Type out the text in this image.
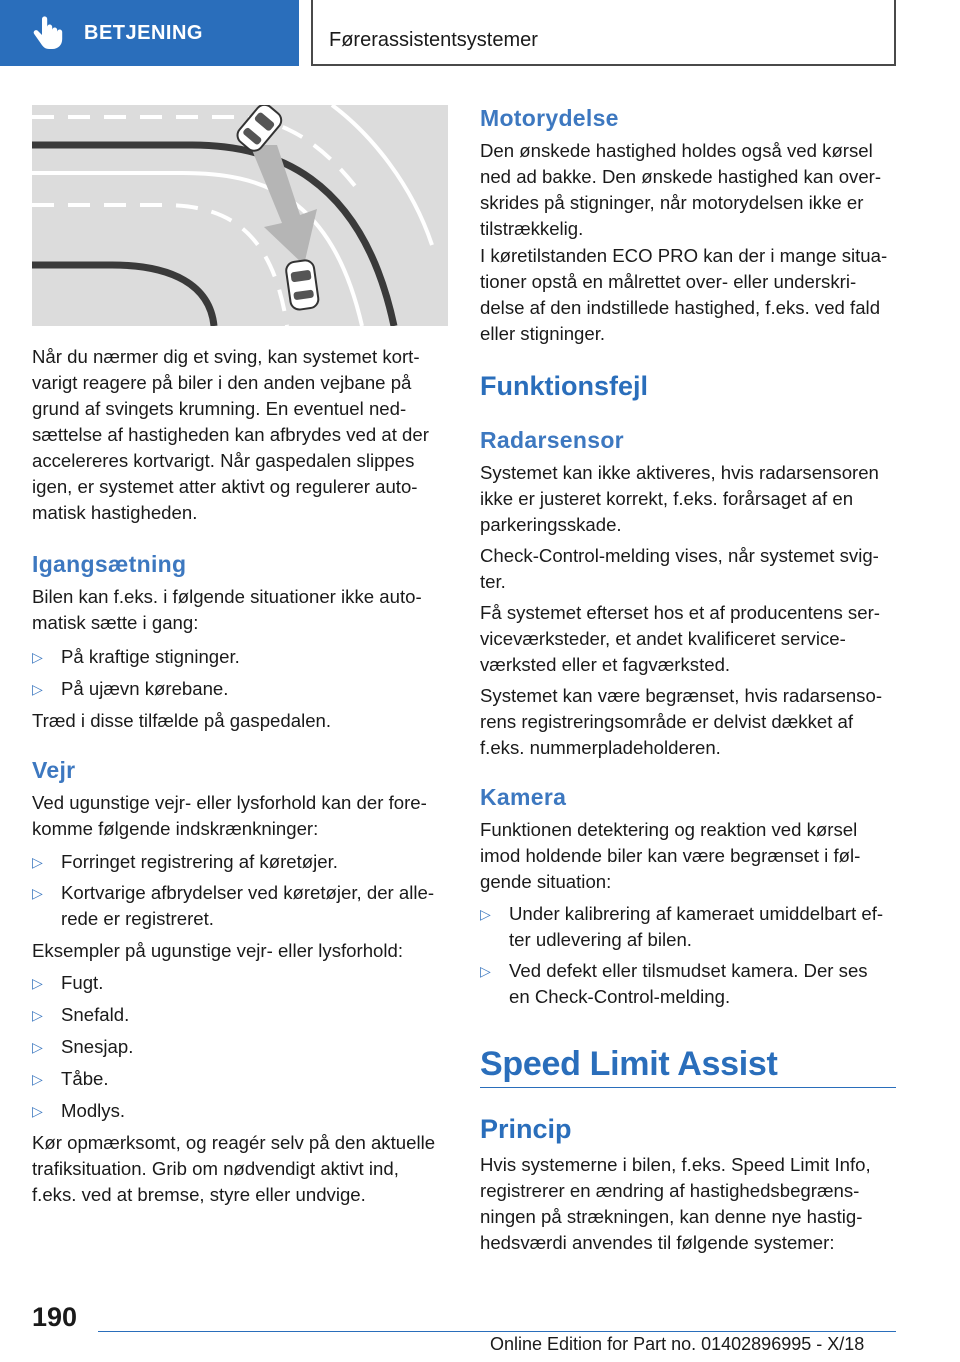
BETJENING	Førerassistentsystemer
Når du nærmer dig et sving, kan systemet kort-
varigt reagere på biler i den anden vejbane på
grund af svingets krumning. En eventuel ned-
sættelse af hastigheden kan afbrydes ved at der
accelereres kortvarigt. Når gaspedalen slippes
igen, er systemet atter aktivt og regulerer auto-
matisk hastigheden.
Igangsætning
Bilen kan f.eks. i følgende situationer ikke auto-
matisk sætte i gang:
▷ På kraftige stigninger.
▷ På ujævn kørebane.
Træd i disse tilfælde på gaspedalen.
Vejr
Ved ugunstige vejr- eller lysforhold kan der fore-
komme følgende indskrænkninger:
▷ Forringet registrering af køretøjer.
▷ Kortvarige afbrydelser ved køretøjer, der alle-
rede er registreret.
Eksempler på ugunstige vejr- eller lysforhold:
▷ Fugt.
▷ Snefald.
▷ Snesjap.
▷ Tåbe.
▷ Modlys.
Kør opmærksomt, og reagér selv på den aktuelle
trafiksituation. Grib om nødvendigt aktivt ind,
f.eks. ved at bremse, styre eller undvige.
Motorydelse
Den ønskede hastighed holdes også ved kørsel
ned ad bakke. Den ønskede hastighed kan over-
skrides på stigninger, når motorydelsen ikke er
tilstrækkelig.
I køretilstanden ECO PRO kan der i mange situa-
tioner opstå en målrettet over- eller underskri-
delse af den indstillede hastighed, f.eks. ved fald
eller stigninger.
Funktionsfejl
Radarsensor
Systemet kan ikke aktiveres, hvis radarsensoren
ikke er justeret korrekt, f.eks. forårsaget af en
parkeringsskade.
Check-Control-melding vises, når systemet svig-
ter.
Få systemet efterset hos et af producentens ser-
viceværksteder, et andet kvalificeret service-
værksted eller et fagværksted.
Systemet kan være begrænset, hvis radarsenso-
rens registreringsområde er delvist dækket af
f.eks. nummerpladeholderen.
Kamera
Funktionen detektering og reaktion ved kørsel
imod holdende biler kan være begrænset i føl-
gende situation:
▷ Under kalibrering af kameraet umiddelbart ef-
ter udlevering af bilen.
▷ Ved defekt eller tilsmudset kamera. Der ses
en Check-Control-melding.
Speed Limit Assist
Princip
Hvis systemerne i bilen, f.eks. Speed Limit Info,
registrerer en ændring af hastighedsbegræns-
ningen på strækningen, kan denne nye hastig-
hedsværdi anvendes til følgende systemer:
190
Online Edition for Part no. 01402896995 - X/18
